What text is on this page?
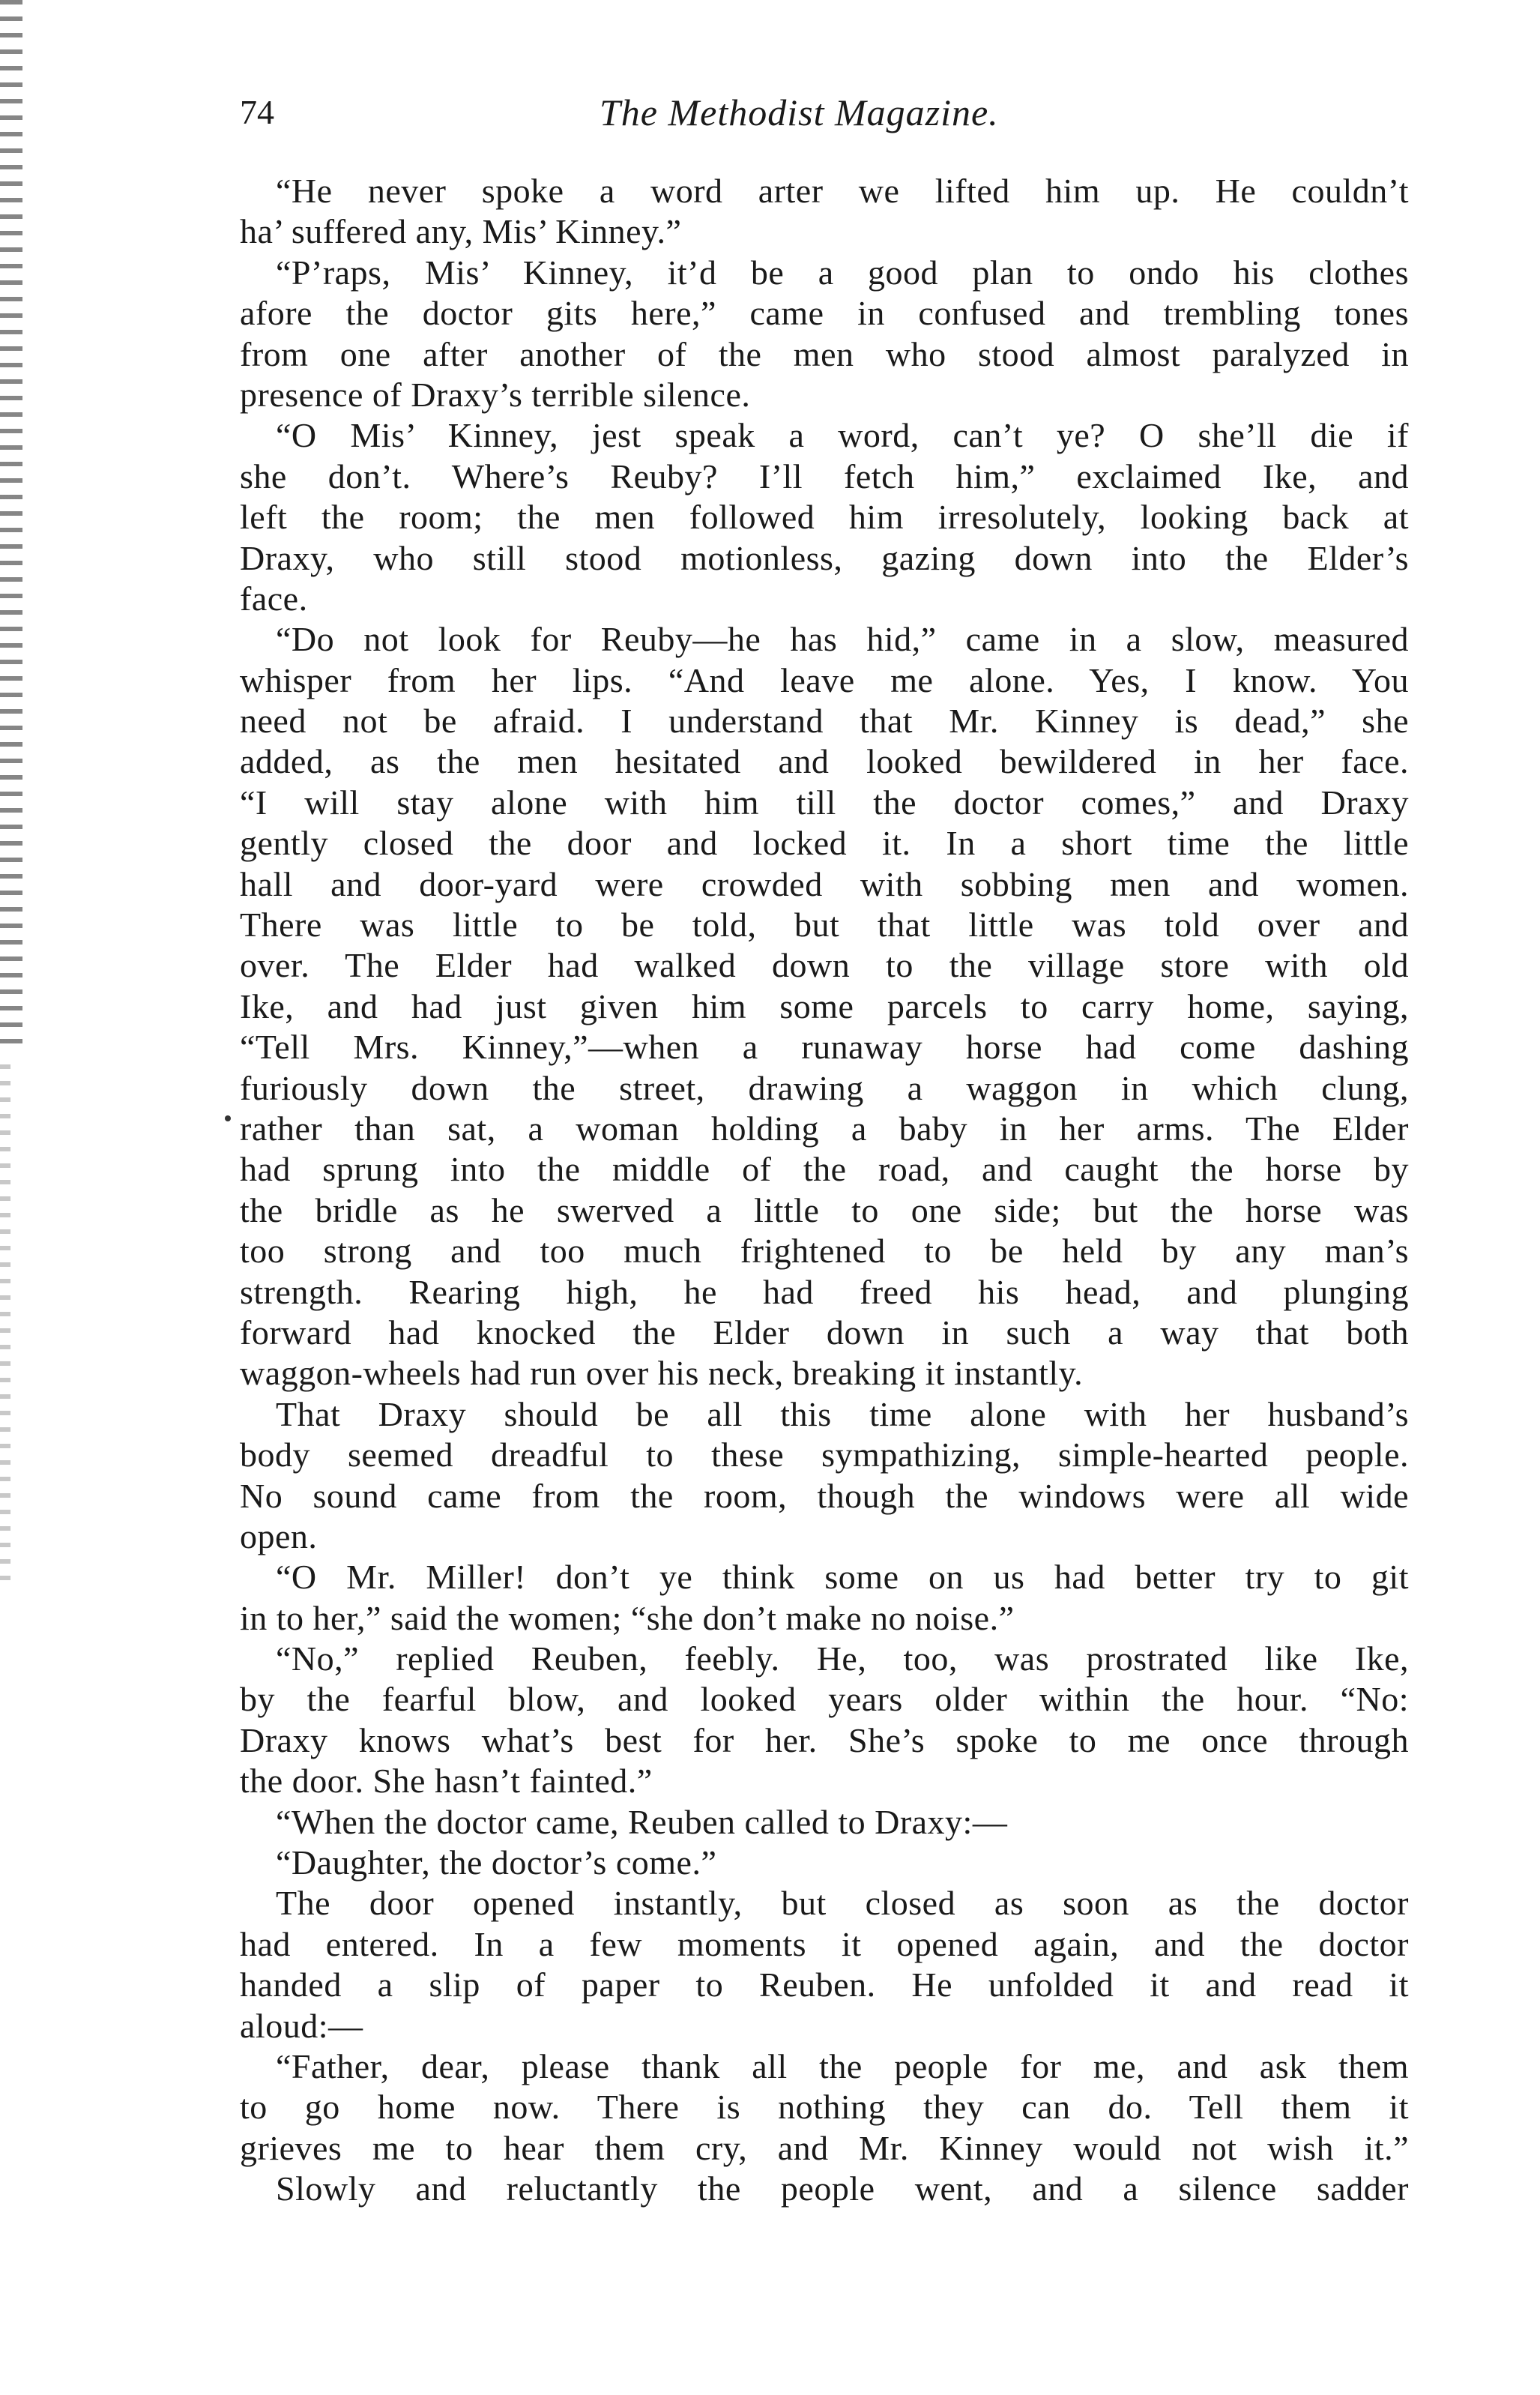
74	The Methodist Magazine.
“He never spoke a word arter we lifted him up. He couldn’t
ha’ suffered any, Mis’ Kinney.”
“P’raps, Mis’ Kinney, it’d be a good plan to ondo his clothes
afore the doctor gits here,” came in confused and trembling tones
from one after another of the men who stood almost paralyzed in
presence of Draxy’s terrible silence.
“O Mis’ Kinney, jest speak a word, can’t ye? O she’ll die if
she don’t. Where’s Reuby? I’ll fetch him,” exclaimed Ike, and
left the room; the men followed him irresolutely, looking back at
Draxy, who still stood motionless, gazing down into the Elder’s
face.
“Do not look for Reuby—he has hid,” came in a slow, measured
whisper from her lips. “And leave me alone. Yes, I know. You
need not be afraid. I understand that Mr. Kinney is dead,” she
added, as the men hesitated and looked bewildered in her face.
“I will stay alone with him till the doctor comes,” and Draxy
gently closed the door and locked it. In a short time the little
hall and door-yard were crowded with sobbing men and women.
There was little to be told, but that little was told over and
over. The Elder had walked down to the village store with old
Ike, and had just given him some parcels to carry home, saying,
“Tell Mrs. Kinney,”—when a runaway horse had come dashing
furiously down the street, drawing a waggon in which clung,
rather than sat, a woman holding a baby in her arms. The Elder
had sprung into the middle of the road, and caught the horse by
the bridle as he swerved a little to one side; but the horse was
too strong and too much frightened to be held by any man’s
strength. Rearing high, he had freed his head, and plunging
forward had knocked the Elder down in such a way that both
waggon-wheels had run over his neck, breaking it instantly.
That Draxy should be all this time alone with her husband’s
body seemed dreadful to these sympathizing, simple-hearted people.
No sound came from the room, though the windows were all wide
open.
“O Mr. Miller! don’t ye think some on us had better try to git
in to her,” said the women; “she don’t make no noise.”
“No,” replied Reuben, feebly. He, too, was prostrated like Ike,
by the fearful blow, and looked years older within the hour. “No:
Draxy knows what’s best for her. She’s spoke to me once through
the door. She hasn’t fainted.”
“When the doctor came, Reuben called to Draxy:—
“Daughter, the doctor’s come.”
The door opened instantly, but closed as soon as the doctor
had entered. In a few moments it opened again, and the doctor
handed a slip of paper to Reuben. He unfolded it and read it
aloud:—
“Father, dear, please thank all the people for me, and ask them
to go home now. There is nothing they can do. Tell them it
grieves me to hear them cry, and Mr. Kinney would not wish it.”
Slowly and reluctantly the people went, and a silence sadder
